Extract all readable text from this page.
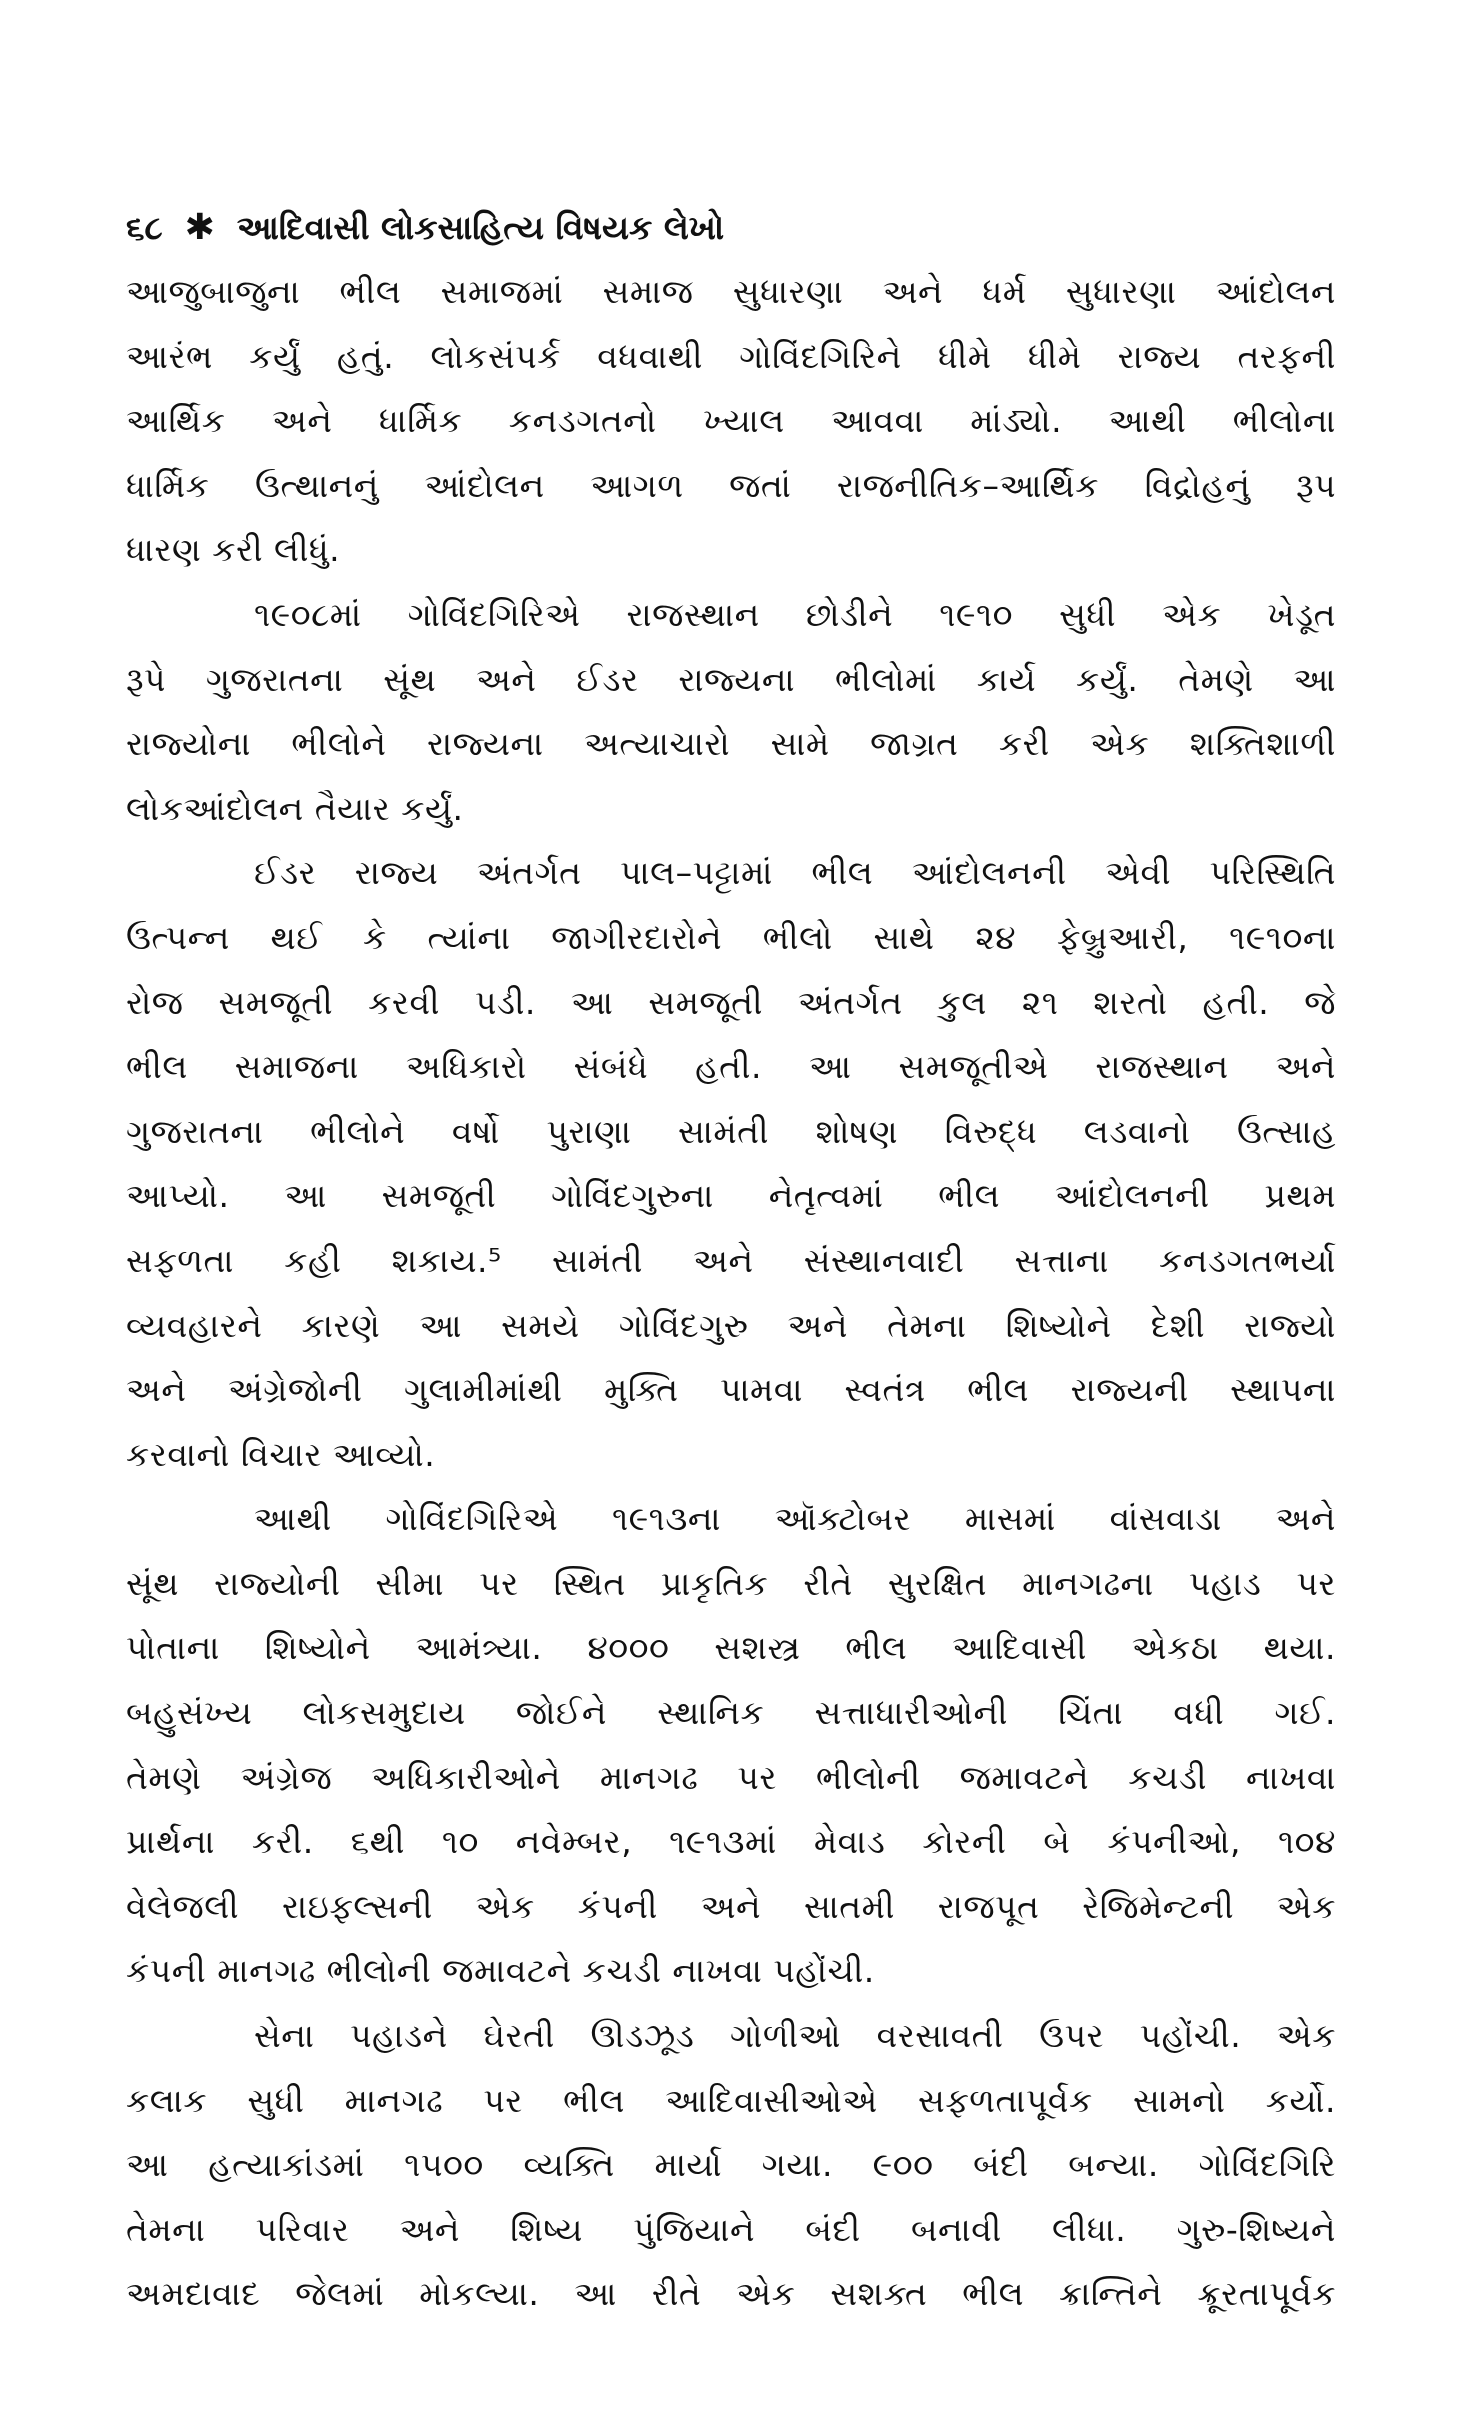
૬૮ ✱ આદિવાસી લોકસાહિત્ય વિષયક લેખો
આજુબાજુના ભીલ સમાજમાં સમાજ સુધારણા અને ધર્મ સુધારણા આંદોલન
આરંભ કર્યું હતું. લોકસંપર્ક વધવાથી ગોવિંદગિરિને ધીમે ધીમે રાજ્ય તરફની
આર્થિક અને ધાર્મિક કનડગતનો ખ્યાલ આવવા માંડ્યો. આથી ભીલોના
ધાર્મિક ઉત્થાનનું આંદોલન આગળ જતાં રાજનીતિક–આર્થિક વિદ્રોહનું રૂપ
ધારણ કરી લીધું.
૧૯૦૮માં ગોવિંદગિરિએ રાજસ્થાન છોડીને ૧૯૧૦ સુધી એક ખેડૂત
રૂપે ગુજરાતના સૂંથ અને ઈડર રાજ્યના ભીલોમાં કાર્ય કર્યું. તેમણે આ
રાજ્યોના ભીલોને રાજ્યના અત્યાચારો સામે જાગ્રત કરી એક શક્તિશાળી
લોકઆંદોલન તૈયાર કર્યું.
ઈડર રાજ્ય અંતર્ગત પાલ–પટ્ટામાં ભીલ આંદોલનની એવી પરિસ્થિતિ
ઉત્પન્ન થઈ કે ત્યાંના જાગીરદારોને ભીલો સાથે ૨૪ ફેબ્રુઆરી, ૧૯૧૦ના
રોજ સમજૂતી કરવી પડી. આ સમજૂતી અંતર્ગત કુલ ૨૧ શરતો હતી. જે
ભીલ સમાજના અધિકારો સંબંધે હતી. આ સમજૂતીએ રાજસ્થાન અને
ગુજરાતના ભીલોને વર્ષો પુરાણા સામંતી શોષણ વિરુદ્ધ લડવાનો ઉત્સાહ
આપ્યો. આ સમજૂતી ગોવિંદગુરુના નેતૃત્વમાં ભીલ આંદોલનની પ્રથમ
સફળતા કહી શકાય.⁵ સામંતી અને સંસ્થાનવાદી સત્તાના કનડગતભર્યા
વ્યવહારને કારણે આ સમયે ગોવિંદગુરુ અને તેમના શિષ્યોને દેશી રાજ્યો
અને અંગ્રેજોની ગુલામીમાંથી મુક્તિ પામવા સ્વતંત્ર ભીલ રાજ્યની સ્થાપના
કરવાનો વિચાર આવ્યો.
આથી ગોવિંદગિરિએ ૧૯૧૩ના ઑક્ટોબર માસમાં વાંસવાડા અને
સૂંથ રાજ્યોની સીમા પર સ્થિત પ્રાકૃતિક રીતે સુરક્ષિત માનગઢના પહાડ પર
પોતાના શિષ્યોને આમંત્ર્યા. ૪૦૦૦ સશસ્ત્ર ભીલ આદિવાસી એકઠા થયા.
બહુસંખ્ય લોકસમુદાય જોઈને સ્થાનિક સત્તાધારીઓની ચિંતા વધી ગઈ.
તેમણે અંગ્રેજ અધિકારીઓને માનગઢ પર ભીલોની જમાવટને કચડી નાખવા
પ્રાર્થના કરી. ૬થી ૧૦ નવેમ્બર, ૧૯૧૩માં મેવાડ કોરની બે કંપનીઓ, ૧૦૪
વેલેજલી રાઇફલ્સની એક કંપની અને સાતમી રાજપૂત રેજિમેન્ટની એક
કંપની માનગઢ ભીલોની જમાવટને કચડી નાખવા પહોંચી.
સેના પહાડને ઘેરતી ઊડઝૂડ ગોળીઓ વરસાવતી ઉપર પહોંચી. એક
કલાક સુધી માનગઢ પર ભીલ આદિવાસીઓએ સફળતાપૂર્વક સામનો કર્યો.
આ હત્યાકાંડમાં ૧૫૦૦ વ્યક્તિ માર્યા ગયા. ૯૦૦ બંદી બન્યા. ગોવિંદગિરિ
તેમના પરિવાર અને શિષ્ય પુંજિયાને બંદી બનાવી લીધા. ગુરુ-શિષ્યને
અમદાવાદ જેલમાં મોકલ્યા. આ રીતે એક સશક્ત ભીલ ક્રાન્તિને ક્રૂરતાપૂર્વક
